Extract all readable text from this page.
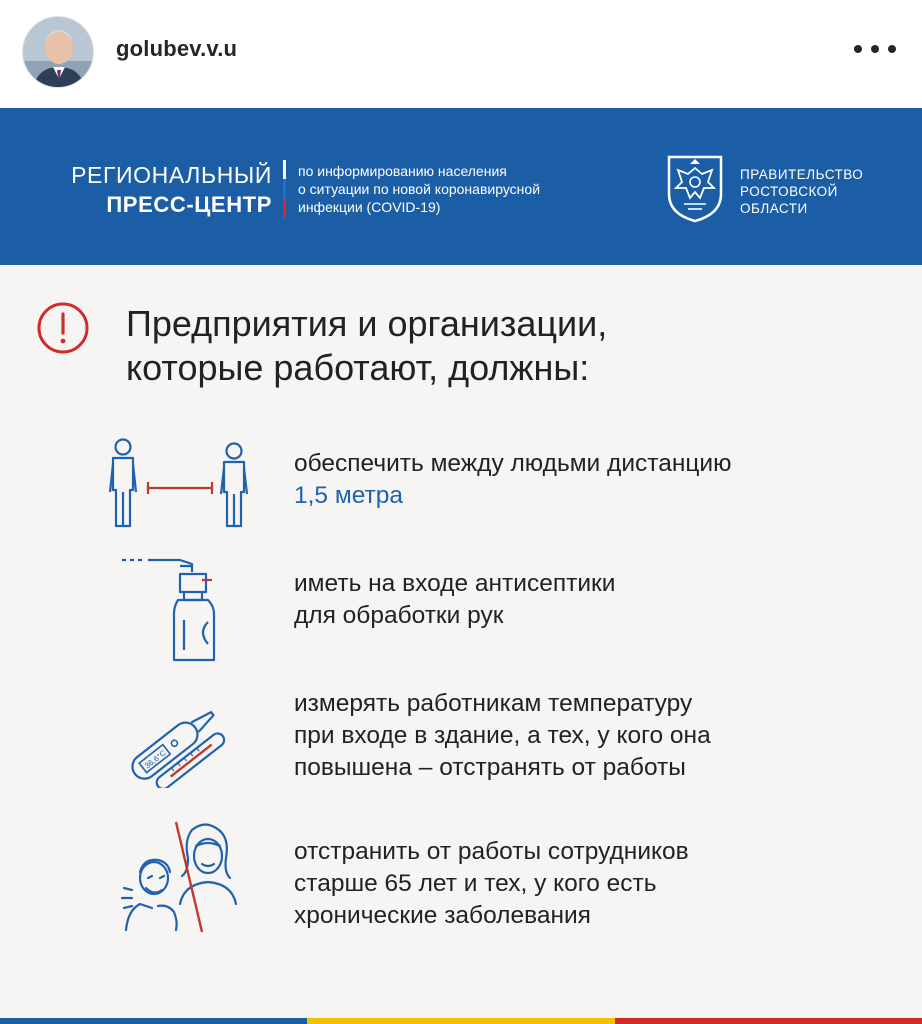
golubev.v.u
РЕГИОНАЛЬНЫЙ
ПРЕСС-ЦЕНТР
по информированию населения
о ситуации по новой коронавирусной
инфекции (COVID-19)
ПРАВИТЕЛЬСТВО
РОСТОВСКОЙ
ОБЛАСТИ
Предприятия и организации,
которые работают, должны:
обеспечить между людьми дистанцию
1,5 метра
иметь на входе антисептики
для обработки рук
36,6°C
измерять работникам температуру
при входе в здание, а тех, у кого она
повышена – отстранять от работы
отстранить от работы сотрудников
старше 65 лет и тех, у кого есть
хронические заболевания
